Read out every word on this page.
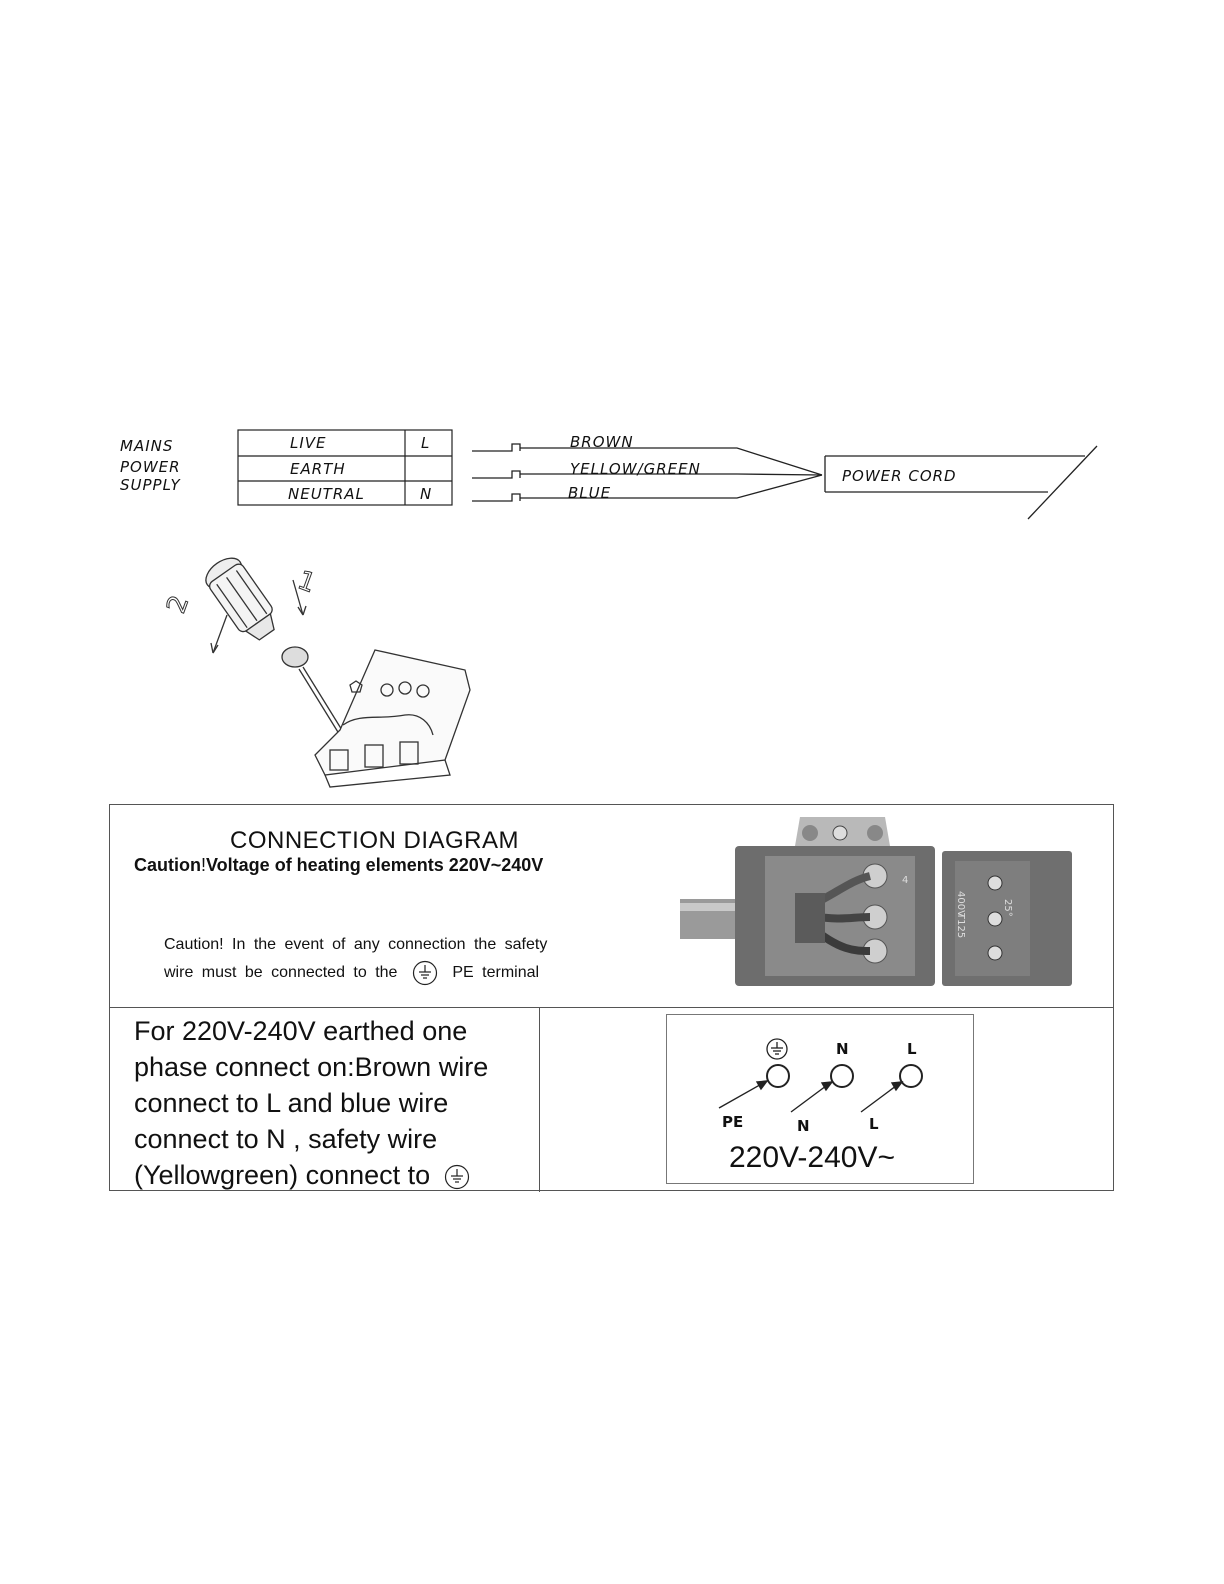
MAINS
POWER
SUPPLY
LIVE	L
EARTH
NEUTRAL	N
BROWN
YELLOW/GREEN
BLUE
POWER CORD
1
2
CONNECTION DIAGRAM
Caution!Voltage of heating elements 220V~240V
Caution! In the event of any connection the safety
wire must be connected to the	PE terminal
4
400V	25°
T125
For 220V-240V earthed one phase connect on:Brown wire connect to L and blue wire connect to N , safety wire (Yellowgreen) connect to
N	L
PE	N	L
220V-240V~
